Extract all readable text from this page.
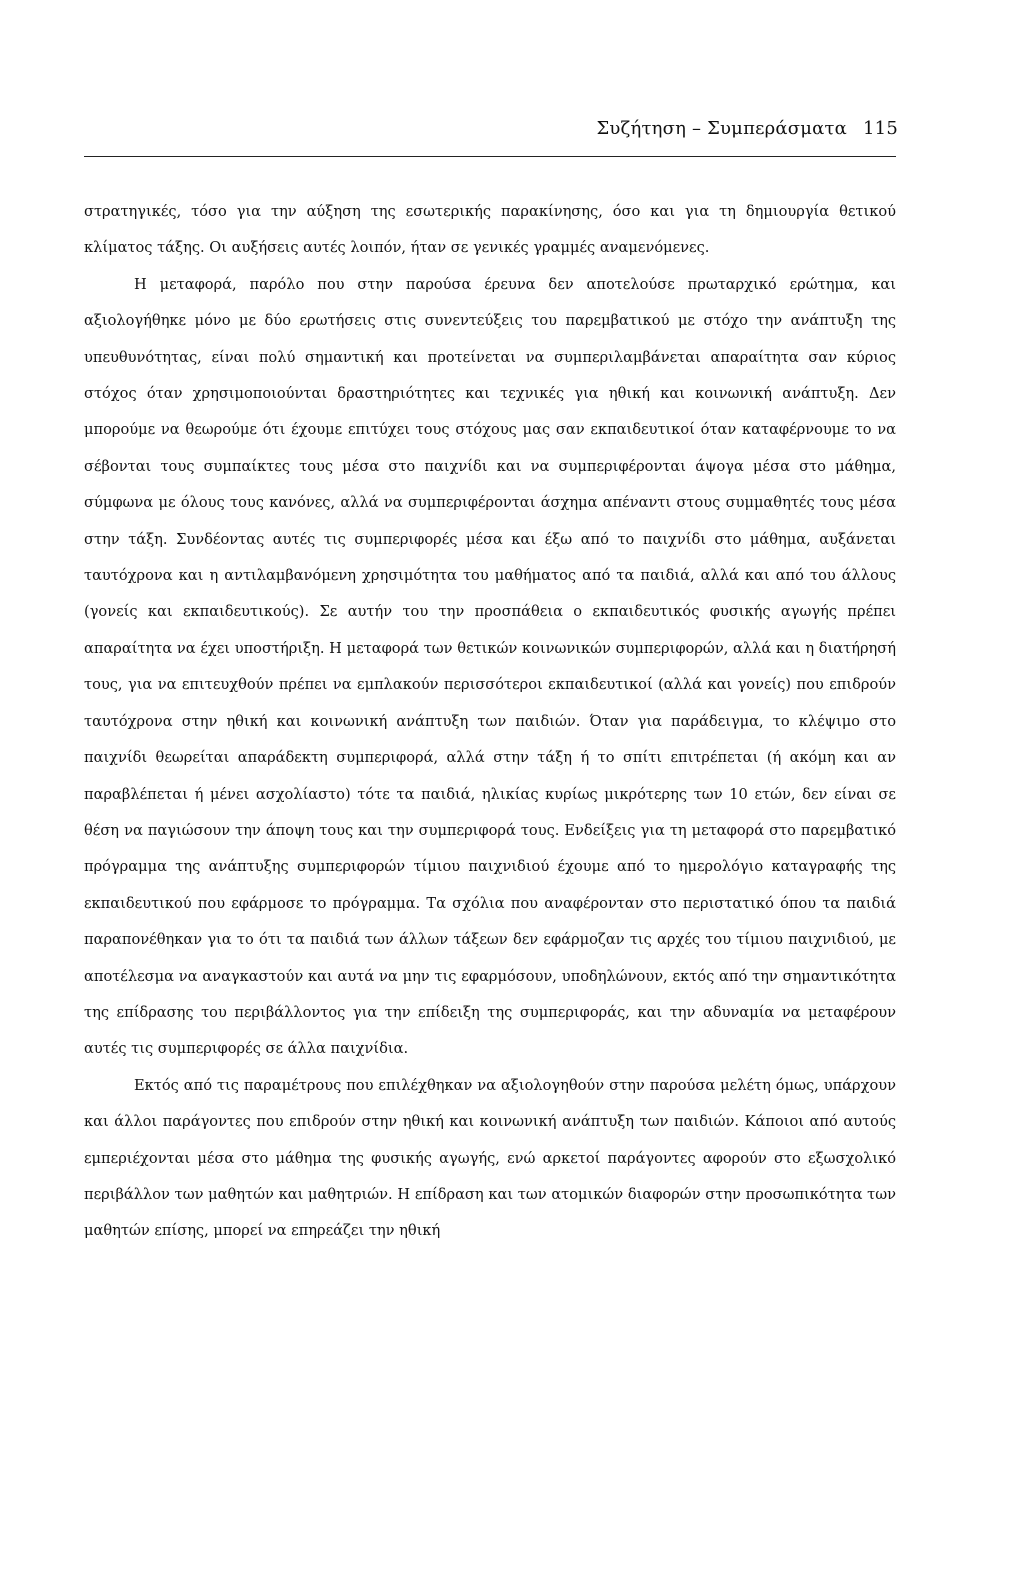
Συζήτηση – Συμπεράσματα 115

στρατηγικές, τόσο για την αύξηση της εσωτερικής παρακίνησης, όσο και για τη δημιουργία θετικού κλίματος τάξης. Οι αυξήσεις αυτές λοιπόν, ήταν σε γενικές γραμμές αναμενόμενες.

Η μεταφορά, παρόλο που στην παρούσα έρευνα δεν αποτελούσε πρωταρχικό ερώτημα, και αξιολογήθηκε μόνο με δύο ερωτήσεις στις συνεντεύξεις του παρεμβατικού με στόχο την ανάπτυξη της υπευθυνότητας, είναι πολύ σημαντική και προτείνεται να συμπεριλαμβάνεται απαραίτητα σαν κύριος στόχος όταν χρησιμοποιούνται δραστηριότητες και τεχνικές για ηθική και κοινωνική ανάπτυξη. Δεν μπορούμε να θεωρούμε ότι έχουμε επιτύχει τους στόχους μας σαν εκπαιδευτικοί όταν καταφέρνουμε το να σέβονται τους συμπαίκτες τους μέσα στο παιχνίδι και να συμπεριφέρονται άψογα μέσα στο μάθημα, σύμφωνα με όλους τους κανόνες, αλλά να συμπεριφέρονται άσχημα απέναντι στους συμμαθητές τους μέσα στην τάξη. Συνδέοντας αυτές τις συμπεριφορές μέσα και έξω από το παιχνίδι στο μάθημα, αυξάνεται ταυτόχρονα και η αντιλαμβανόμενη χρησιμότητα του μαθήματος από τα παιδιά, αλλά και από του άλλους (γονείς και εκπαιδευτικούς). Σε αυτήν του την προσπάθεια ο εκπαιδευτικός φυσικής αγωγής πρέπει απαραίτητα να έχει υποστήριξη. Η μεταφορά των θετικών κοινωνικών συμπεριφορών, αλλά και η διατήρησή τους, για να επιτευχθούν πρέπει να εμπλακούν περισσότεροι εκπαιδευτικοί (αλλά και γονείς) που επιδρούν ταυτόχρονα στην ηθική και κοινωνική ανάπτυξη των παιδιών. Όταν για παράδειγμα, το κλέψιμο στο παιχνίδι θεωρείται απαράδεκτη συμπεριφορά, αλλά στην τάξη ή το σπίτι επιτρέπεται (ή ακόμη και αν παραβλέπεται ή μένει ασχολίαστο) τότε τα παιδιά, ηλικίας κυρίως μικρότερης των 10 ετών, δεν είναι σε θέση να παγιώσουν την άποψη τους και την συμπεριφορά τους. Ενδείξεις για τη μεταφορά στο παρεμβατικό πρόγραμμα της ανάπτυξης συμπεριφορών τίμιου παιχνιδιού έχουμε από το ημερολόγιο καταγραφής της εκπαιδευτικού που εφάρμοσε το πρόγραμμα. Τα σχόλια που αναφέρονταν στο περιστατικό όπου τα παιδιά παραπονέθηκαν για το ότι τα παιδιά των άλλων τάξεων δεν εφάρμοζαν τις αρχές του τίμιου παιχνιδιού, με αποτέλεσμα να αναγκαστούν και αυτά να μην τις εφαρμόσουν, υποδηλώνουν, εκτός από την σημαντικότητα της επίδρασης του περιβάλλοντος για την επίδειξη της συμπεριφοράς, και την αδυναμία να μεταφέρουν αυτές τις συμπεριφορές σε άλλα παιχνίδια.

Εκτός από τις παραμέτρους που επιλέχθηκαν να αξιολογηθούν στην παρούσα μελέτη όμως, υπάρχουν και άλλοι παράγοντες που επιδρούν στην ηθική και κοινωνική ανάπτυξη των παιδιών. Κάποιοι από αυτούς εμπεριέχονται μέσα στο μάθημα της φυσικής αγωγής, ενώ αρκετοί παράγοντες αφορούν στο εξωσχολικό περιβάλλον των μαθητών και μαθητριών. Η επίδραση και των ατομικών διαφορών στην προσωπικότητα των μαθητών επίσης, μπορεί να επηρεάζει την ηθική
